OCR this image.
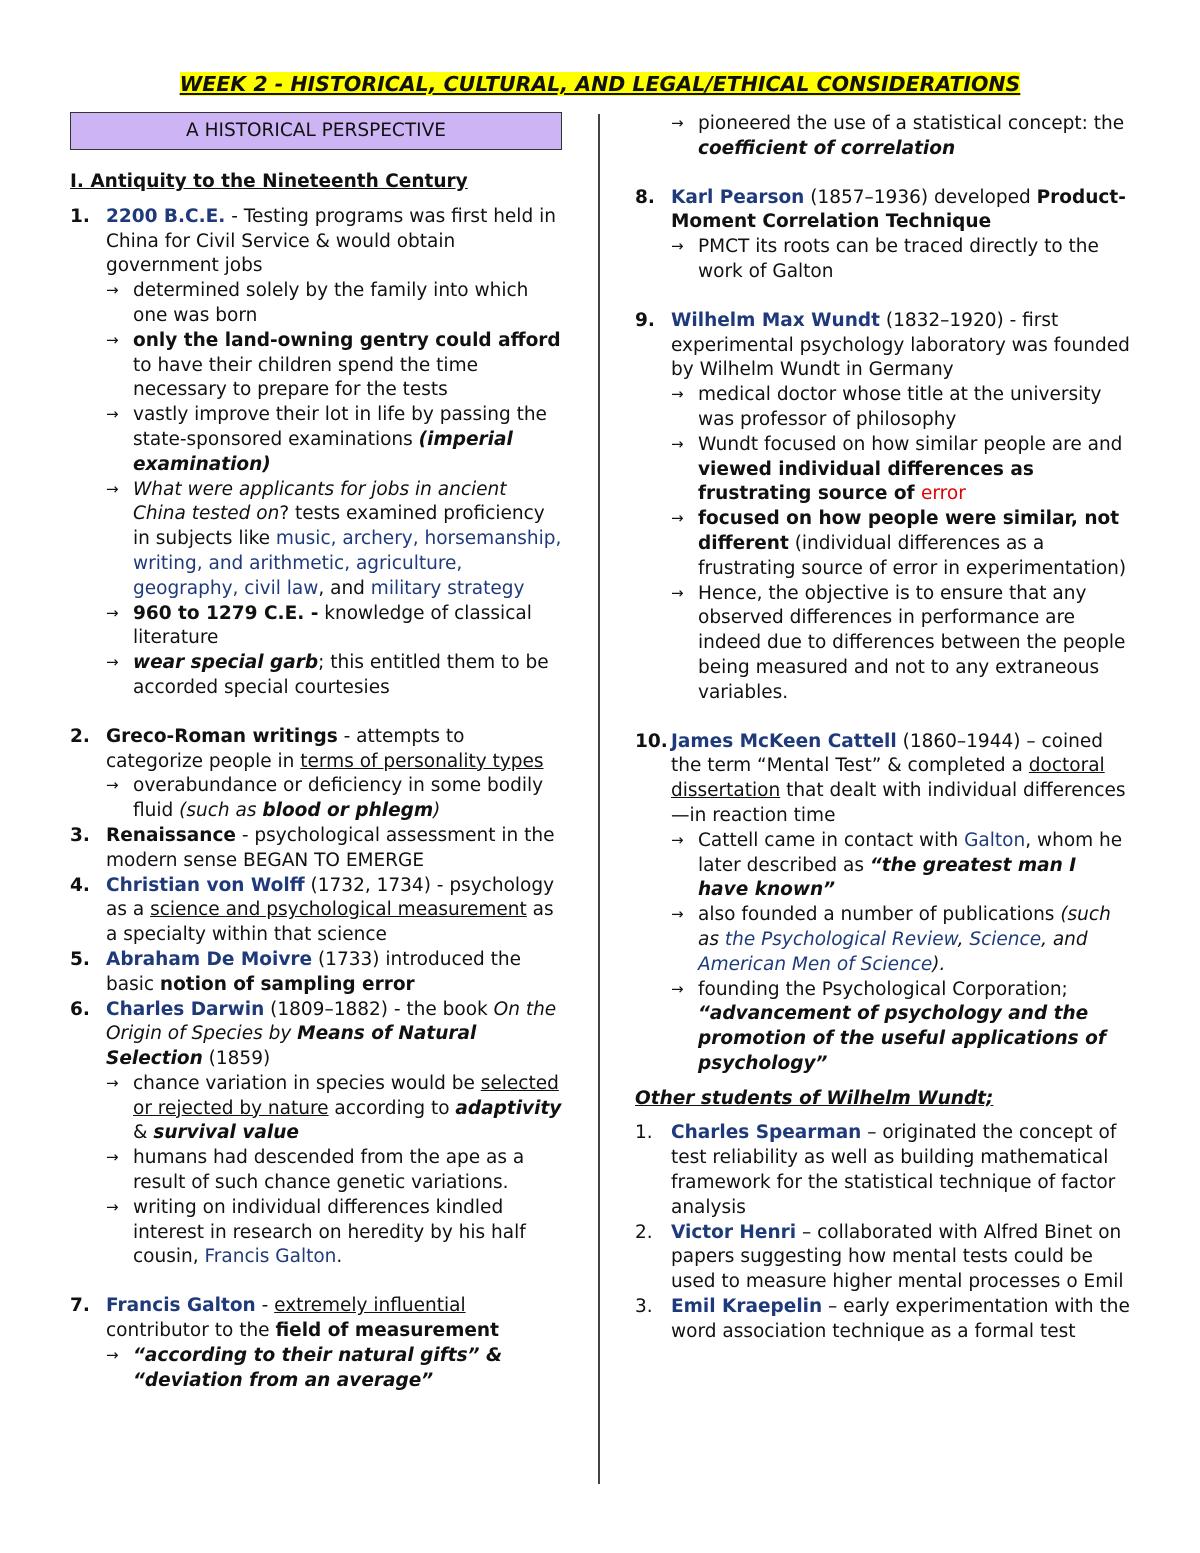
WEEK 2 - HISTORICAL, CULTURAL, AND LEGAL/ETHICAL CONSIDERATIONS
A HISTORICAL PERSPECTIVE
I. Antiquity to the Nineteenth Century
1. 2200 B.C.E. - Testing programs was first held in China for Civil Service & would obtain government jobs
→ determined solely by the family into which one was born
→ only the land-owning gentry could afford to have their children spend the time necessary to prepare for the tests
→ vastly improve their lot in life by passing the state-sponsored examinations (imperial examination)
→ What were applicants for jobs in ancient China tested on? tests examined proficiency in subjects like music, archery, horsemanship, writing, and arithmetic, agriculture, geography, civil law, and military strategy
→ 960 to 1279 C.E. - knowledge of classical literature
→ wear special garb; this entitled them to be accorded special courtesies
2. Greco-Roman writings - attempts to categorize people in terms of personality types
→ overabundance or deficiency in some bodily fluid (such as blood or phlegm)
3. Renaissance - psychological assessment in the modern sense BEGAN TO EMERGE
4. Christian von Wolff (1732, 1734) - psychology as a science and psychological measurement as a specialty within that science
5. Abraham De Moivre (1733) introduced the basic notion of sampling error
6. Charles Darwin (1809–1882) - the book On the Origin of Species by Means of Natural Selection (1859)
→ chance variation in species would be selected or rejected by nature according to adaptivity & survival value
→ humans had descended from the ape as a result of such chance genetic variations.
→ writing on individual differences kindled interest in research on heredity by his half cousin, Francis Galton.
7. Francis Galton - extremely influential contributor to the field of measurement
→ “according to their natural gifts” & “deviation from an average”
→ pioneered the use of a statistical concept: the coefficient of correlation
8. Karl Pearson (1857–1936) developed Product-Moment Correlation Technique
→ PMCT its roots can be traced directly to the work of Galton
9. Wilhelm Max Wundt (1832–1920) - first experimental psychology laboratory was founded by Wilhelm Wundt in Germany
→ medical doctor whose title at the university was professor of philosophy
→ Wundt focused on how similar people are and viewed individual differences as frustrating source of error
→ focused on how people were similar, not different (individual differences as a frustrating source of error in experimentation)
→ Hence, the objective is to ensure that any observed differences in performance are indeed due to differences between the people being measured and not to any extraneous variables.
10. James McKeen Cattell (1860–1944) – coined the term “Mental Test” & completed a doctoral dissertation that dealt with individual differences—in reaction time
→ Cattell came in contact with Galton, whom he later described as “the greatest man I have known”
→ also founded a number of publications (such as the Psychological Review, Science, and American Men of Science).
→ founding the Psychological Corporation; “advancement of psychology and the promotion of the useful applications of psychology”
Other students of Wilhelm Wundt;
1. Charles Spearman – originated the concept of test reliability as well as building mathematical framework for the statistical technique of factor analysis
2. Victor Henri – collaborated with Alfred Binet on papers suggesting how mental tests could be used to measure higher mental processes o Emil
3. Emil Kraepelin – early experimentation with the word association technique as a formal test
